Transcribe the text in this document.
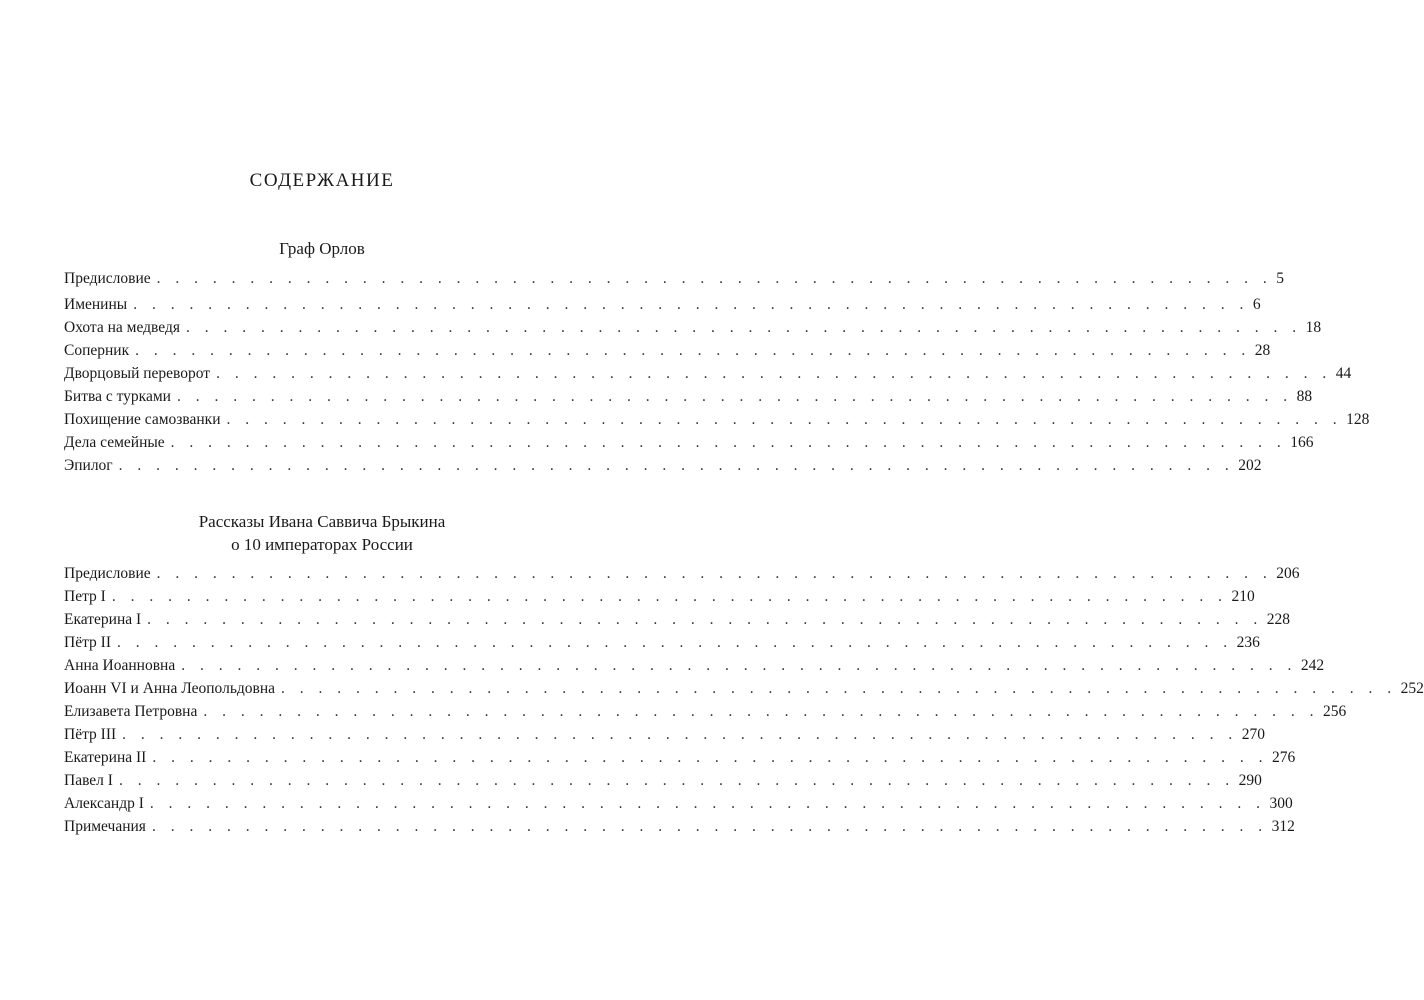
СОДЕРЖАНИЕ
Граф Орлов
Предисловие . . . . . . . . . . . . . . . . . . . . . . . . . . . . . . . . . . . . . . . . . . . . . . . . . . . . . . . . . . . . 5
Именины . . . . . . . . . . . . . . . . . . . . . . . . . . . . . . . . . . . . . . . . . . . . . . . . . . . . . . . . . . . . 6
Охота на медведя . . . . . . . . . . . . . . . . . . . . . . . . . . . . . . . . . . . . . . . . . . . . . . . . . . . . . . . . . . . . 18
Соперник . . . . . . . . . . . . . . . . . . . . . . . . . . . . . . . . . . . . . . . . . . . . . . . . . . . . . . . . . . . . 28
Дворцовый переворот . . . . . . . . . . . . . . . . . . . . . . . . . . . . . . . . . . . . . . . . . . . . . . . . . . . . . . . . . . . . 44
Битва с турками . . . . . . . . . . . . . . . . . . . . . . . . . . . . . . . . . . . . . . . . . . . . . . . . . . . . . . . . . . . . 88
Похищение самозванки . . . . . . . . . . . . . . . . . . . . . . . . . . . . . . . . . . . . . . . . . . . . . . . . . . . . . . . . . . . . 128
Дела семейные . . . . . . . . . . . . . . . . . . . . . . . . . . . . . . . . . . . . . . . . . . . . . . . . . . . . . . . . . . . . 166
Эпилог . . . . . . . . . . . . . . . . . . . . . . . . . . . . . . . . . . . . . . . . . . . . . . . . . . . . . . . . . . . . 202
Рассказы Ивана Саввича Брыкина
о 10 императорах России
Предисловие . . . . . . . . . . . . . . . . . . . . . . . . . . . . . . . . . . . . . . . . . . . . . . . . . . . . . . . . . . . . 206
Петр I . . . . . . . . . . . . . . . . . . . . . . . . . . . . . . . . . . . . . . . . . . . . . . . . . . . . . . . . . . . . 210
Екатерина I . . . . . . . . . . . . . . . . . . . . . . . . . . . . . . . . . . . . . . . . . . . . . . . . . . . . . . . . . . . . 228
Пётр II . . . . . . . . . . . . . . . . . . . . . . . . . . . . . . . . . . . . . . . . . . . . . . . . . . . . . . . . . . . . 236
Анна Иоанновна . . . . . . . . . . . . . . . . . . . . . . . . . . . . . . . . . . . . . . . . . . . . . . . . . . . . . . . . . . . . 242
Иоанн VI и Анна Леопольдовна . . . . . . . . . . . . . . . . . . . . . . . . . . . . . . . . . . . . . . . . . . . . . . . . . . . . . . . . . . . . 252
Елизавета Петровна . . . . . . . . . . . . . . . . . . . . . . . . . . . . . . . . . . . . . . . . . . . . . . . . . . . . . . . . . . . . 256
Пётр III . . . . . . . . . . . . . . . . . . . . . . . . . . . . . . . . . . . . . . . . . . . . . . . . . . . . . . . . . . . . 270
Екатерина II . . . . . . . . . . . . . . . . . . . . . . . . . . . . . . . . . . . . . . . . . . . . . . . . . . . . . . . . . . . . 276
Павел I . . . . . . . . . . . . . . . . . . . . . . . . . . . . . . . . . . . . . . . . . . . . . . . . . . . . . . . . . . . . 290
Александр I . . . . . . . . . . . . . . . . . . . . . . . . . . . . . . . . . . . . . . . . . . . . . . . . . . . . . . . . . . . . 300
Примечания . . . . . . . . . . . . . . . . . . . . . . . . . . . . . . . . . . . . . . . . . . . . . . . . . . . . . . . . . . . . 312
